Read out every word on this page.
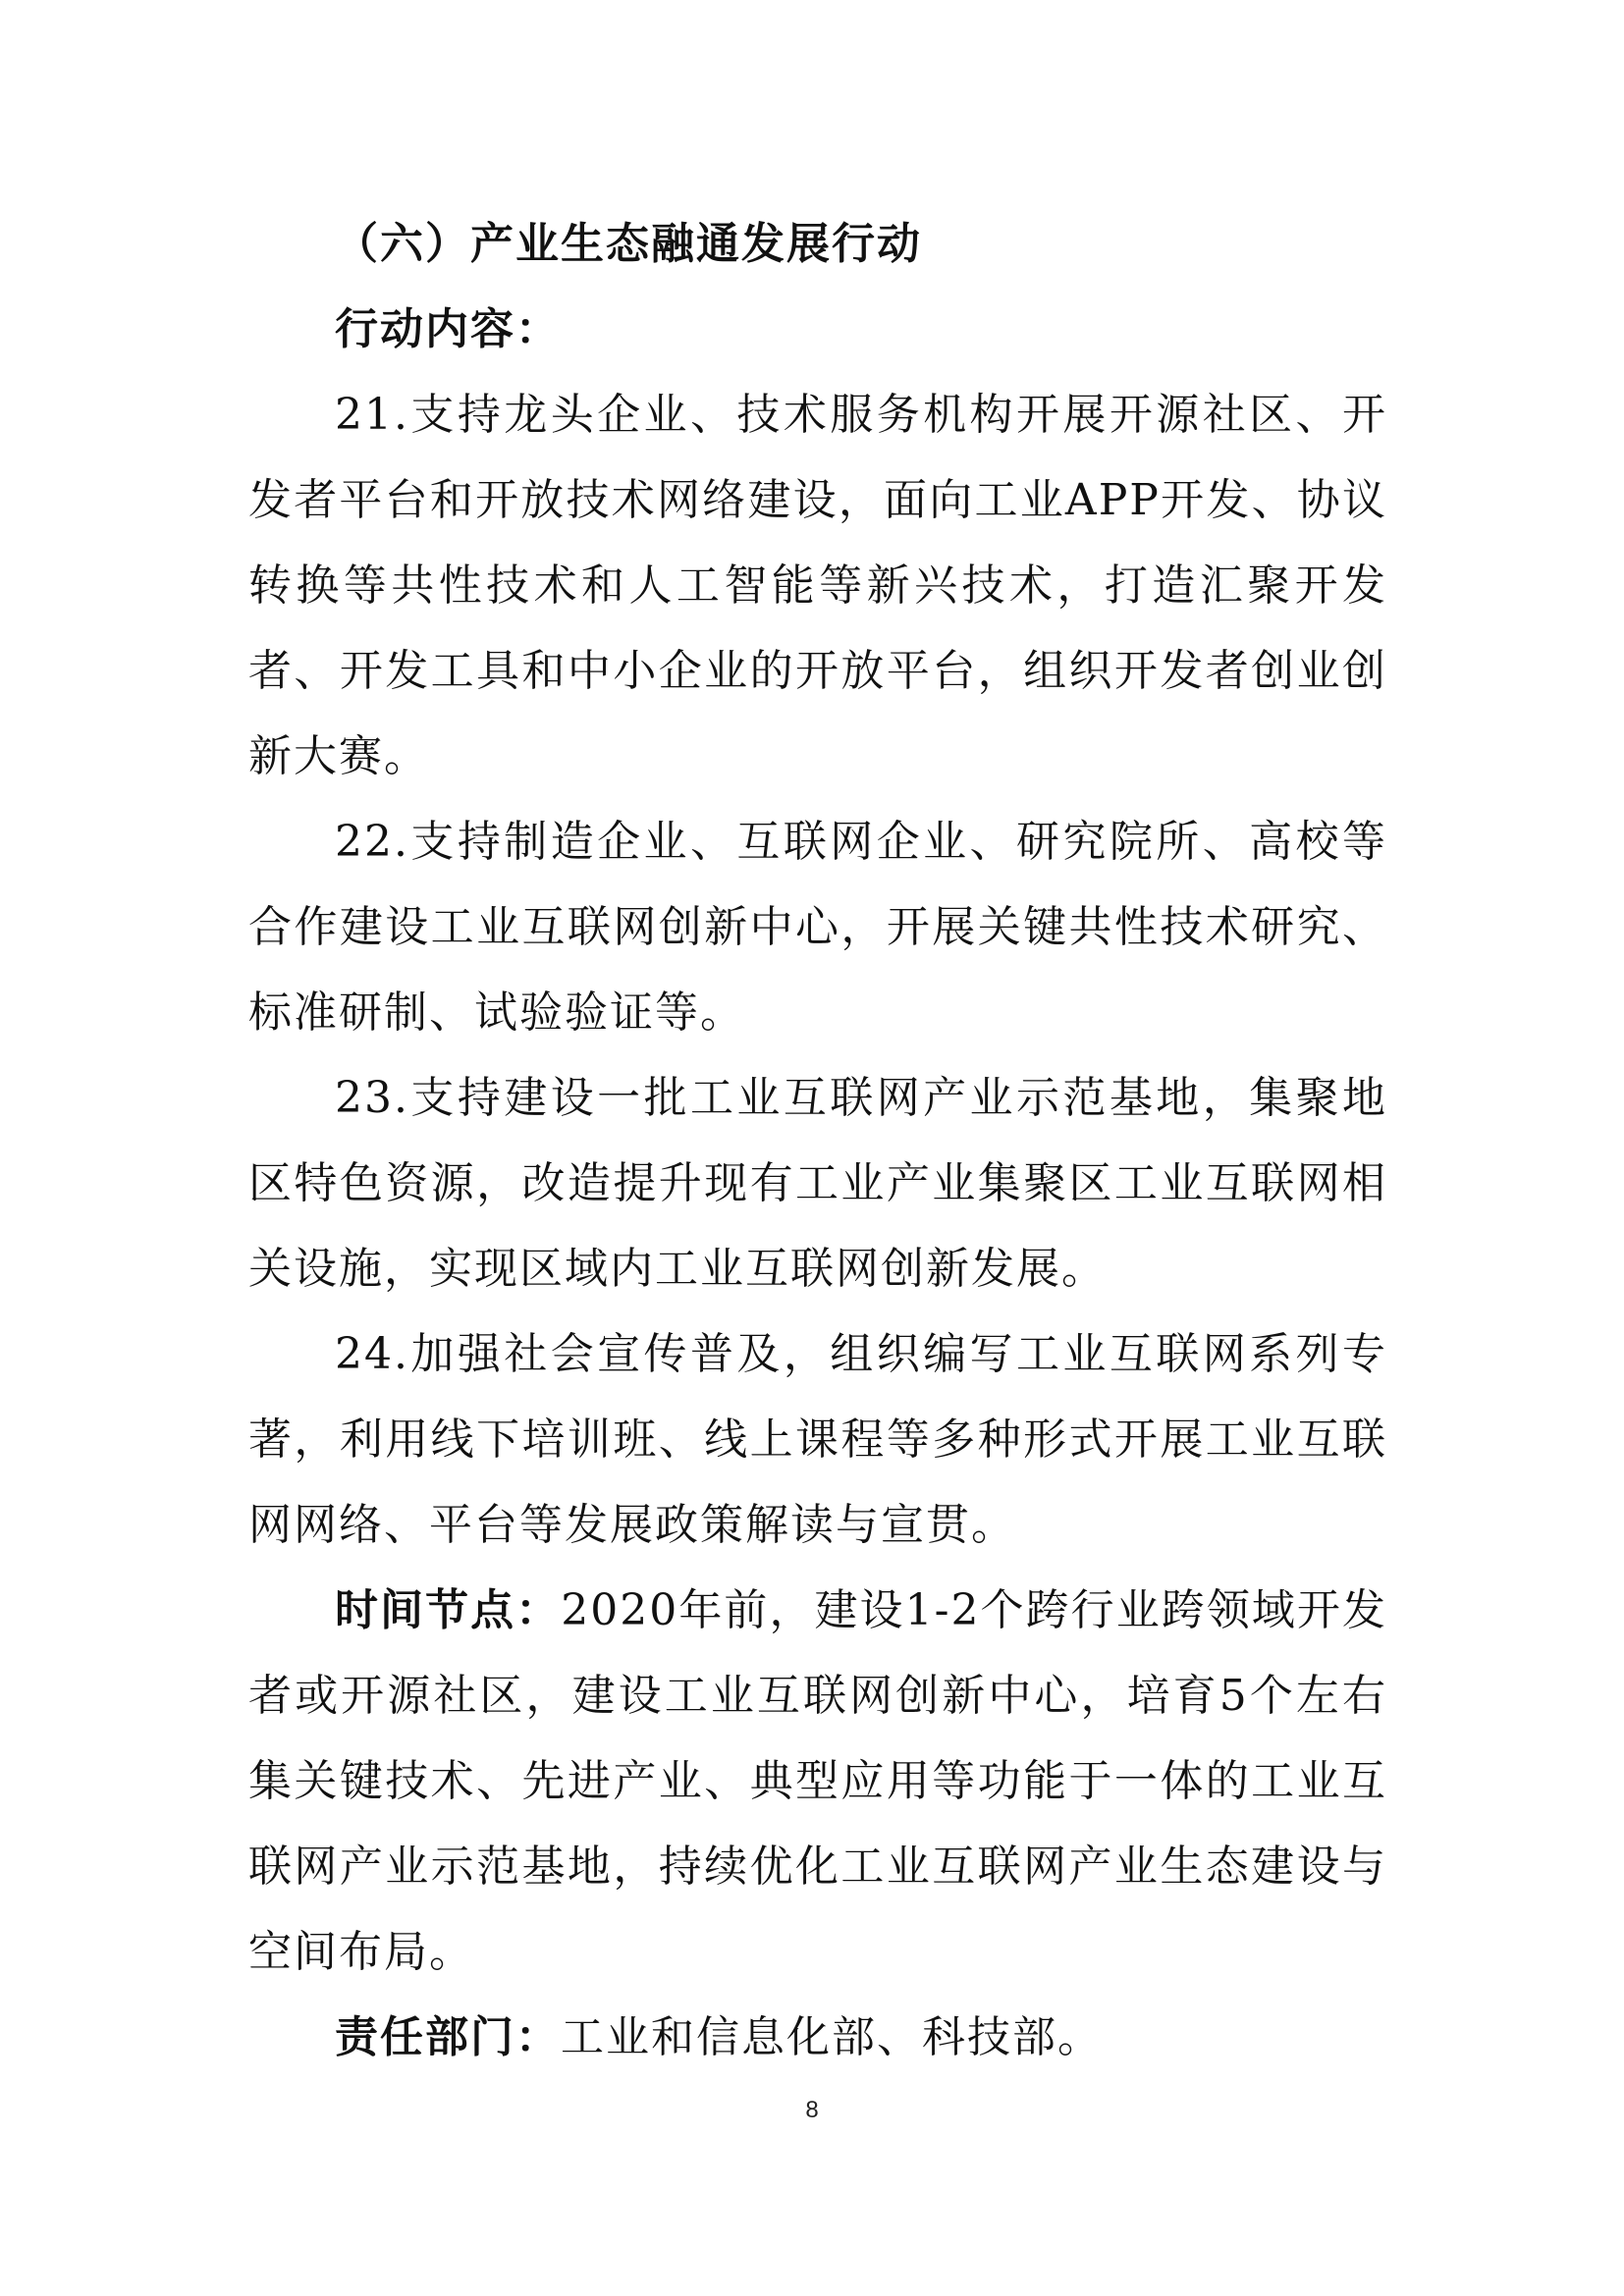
（六）产业生态融通发展行动

行动内容：

21.支持龙头企业、技术服务机构开展开源社区、开发者平台和开放技术网络建设，面向工业APP开发、协议转换等共性技术和人工智能等新兴技术，打造汇聚开发者、开发工具和中小企业的开放平台，组织开发者创业创新大赛。

22.支持制造企业、互联网企业、研究院所、高校等合作建设工业互联网创新中心，开展关键共性技术研究、标准研制、试验验证等。

23.支持建设一批工业互联网产业示范基地，集聚地区特色资源，改造提升现有工业产业集聚区工业互联网相关设施，实现区域内工业互联网创新发展。

24.加强社会宣传普及，组织编写工业互联网系列专著，利用线下培训班、线上课程等多种形式开展工业互联网网络、平台等发展政策解读与宣贯。

时间节点：2020年前，建设1-2个跨行业跨领域开发者或开源社区，建设工业互联网创新中心，培育5个左右集关键技术、先进产业、典型应用等功能于一体的工业互联网产业示范基地，持续优化工业互联网产业生态建设与空间布局。

责任部门：工业和信息化部、科技部。

8
